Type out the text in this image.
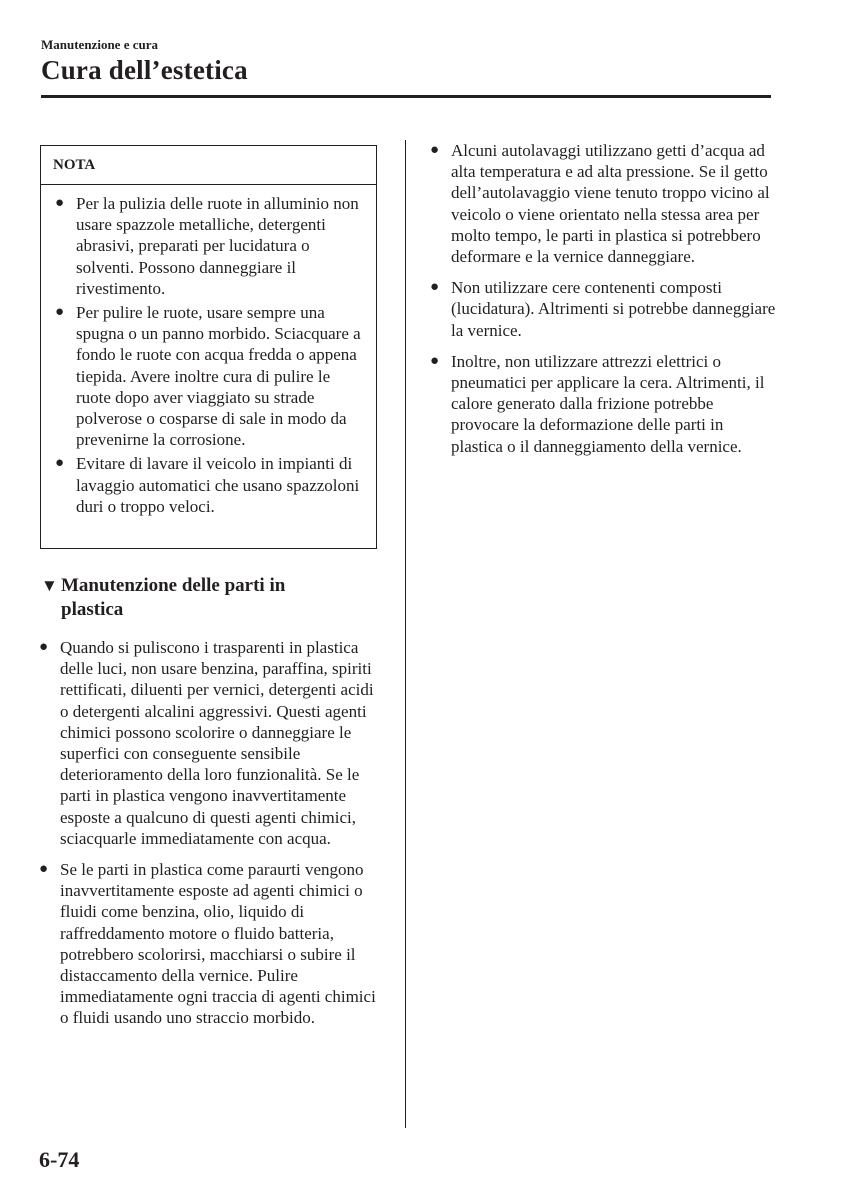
Manutenzione e cura
Cura dell’estetica
NOTA
● Per la pulizia delle ruote in alluminio non usare spazzole metalliche, detergenti abrasivi, preparati per lucidatura o solventi. Possono danneggiare il rivestimento.
● Per pulire le ruote, usare sempre una spugna o un panno morbido. Sciacquare a fondo le ruote con acqua fredda o appena tiepida. Avere inoltre cura di pulire le ruote dopo aver viaggiato su strade polverose o cosparse di sale in modo da prevenirne la corrosione.
● Evitare di lavare il veicolo in impianti di lavaggio automatici che usano spazzoloni duri o troppo veloci.
▼ Manutenzione delle parti in
plastica
● Quando si puliscono i trasparenti in plastica delle luci, non usare benzina, paraffina, spiriti rettificati, diluenti per vernici, detergenti acidi o detergenti alcalini aggressivi. Questi agenti chimici possono scolorire o danneggiare le superfici con conseguente sensibile deterioramento della loro funzionalità. Se le parti in plastica vengono inavvertitamente esposte a qualcuno di questi agenti chimici, sciacquarle immediatamente con acqua.
● Se le parti in plastica come paraurti vengono inavvertitamente esposte ad agenti chimici o fluidi come benzina, olio, liquido di raffreddamento motore o fluido batteria, potrebbero scolorirsi, macchiarsi o subire il distaccamento della vernice. Pulire immediatamente ogni traccia di agenti chimici o fluidi usando uno straccio morbido.
● Alcuni autolavaggi utilizzano getti d’acqua ad alta temperatura e ad alta pressione. Se il getto dell’autolavaggio viene tenuto troppo vicino al veicolo o viene orientato nella stessa area per molto tempo, le parti in plastica si potrebbero deformare e la vernice danneggiare.
● Non utilizzare cere contenenti composti (lucidatura). Altrimenti si potrebbe danneggiare la vernice.
● Inoltre, non utilizzare attrezzi elettrici o pneumatici per applicare la cera. Altrimenti, il calore generato dalla frizione potrebbe provocare la deformazione delle parti in plastica o il danneggiamento della vernice.
6-74
